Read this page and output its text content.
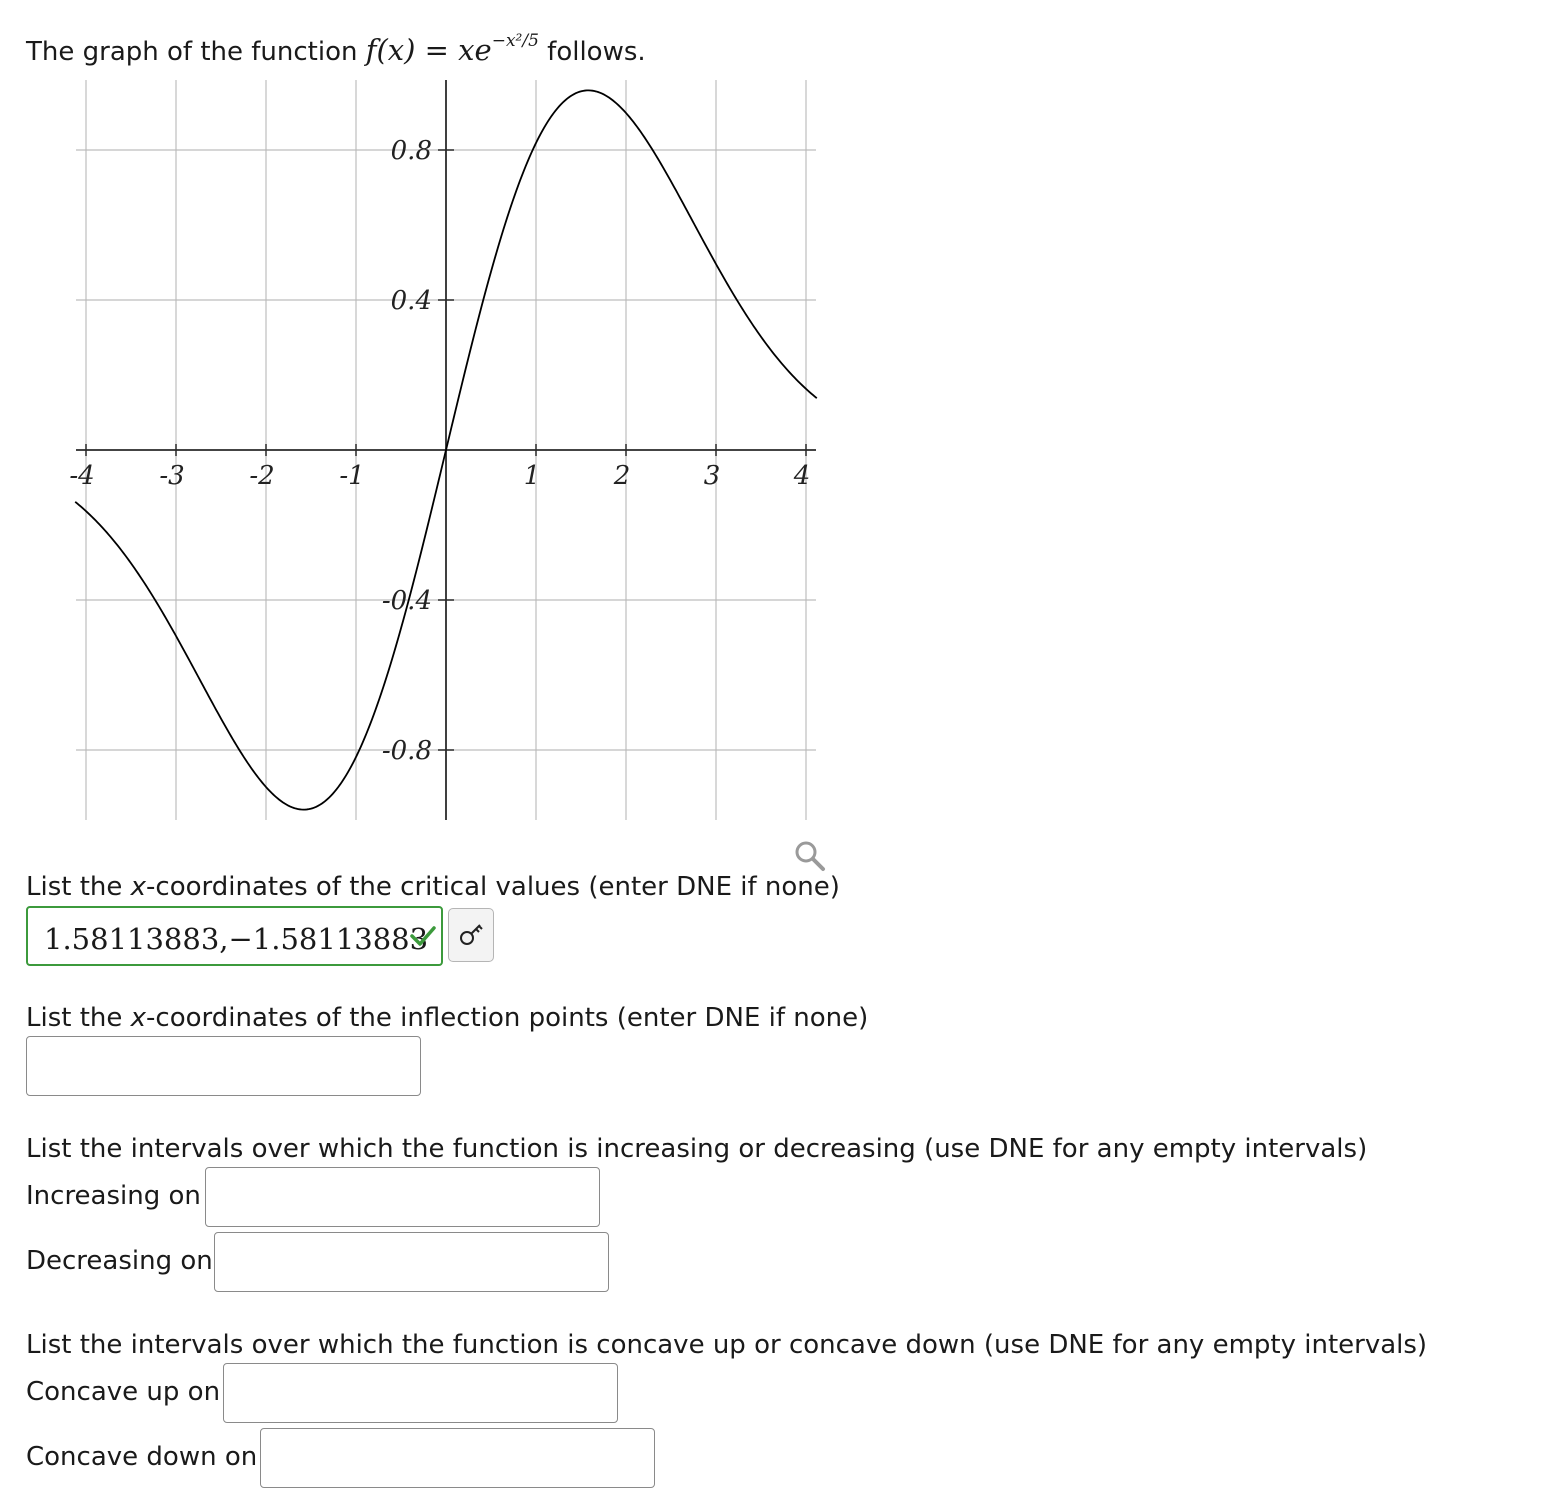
The graph of the function $f(x) = xe^{-x^2/5}$ follows.
-4 -3 -2 -1	1	2	3	4
-0.8
-0.4
0.4
0.8
List the x-coordinates of the critical values (enter DNE if none)
1.58113883,−1.58113883
List the x-coordinates of the inflection points (enter DNE if none)
List the intervals over which the function is increasing or decreasing (use DNE for any empty intervals)
Increasing on
Decreasing on
List the intervals over which the function is concave up or concave down (use DNE for any empty intervals)
Concave up on
Concave down on
